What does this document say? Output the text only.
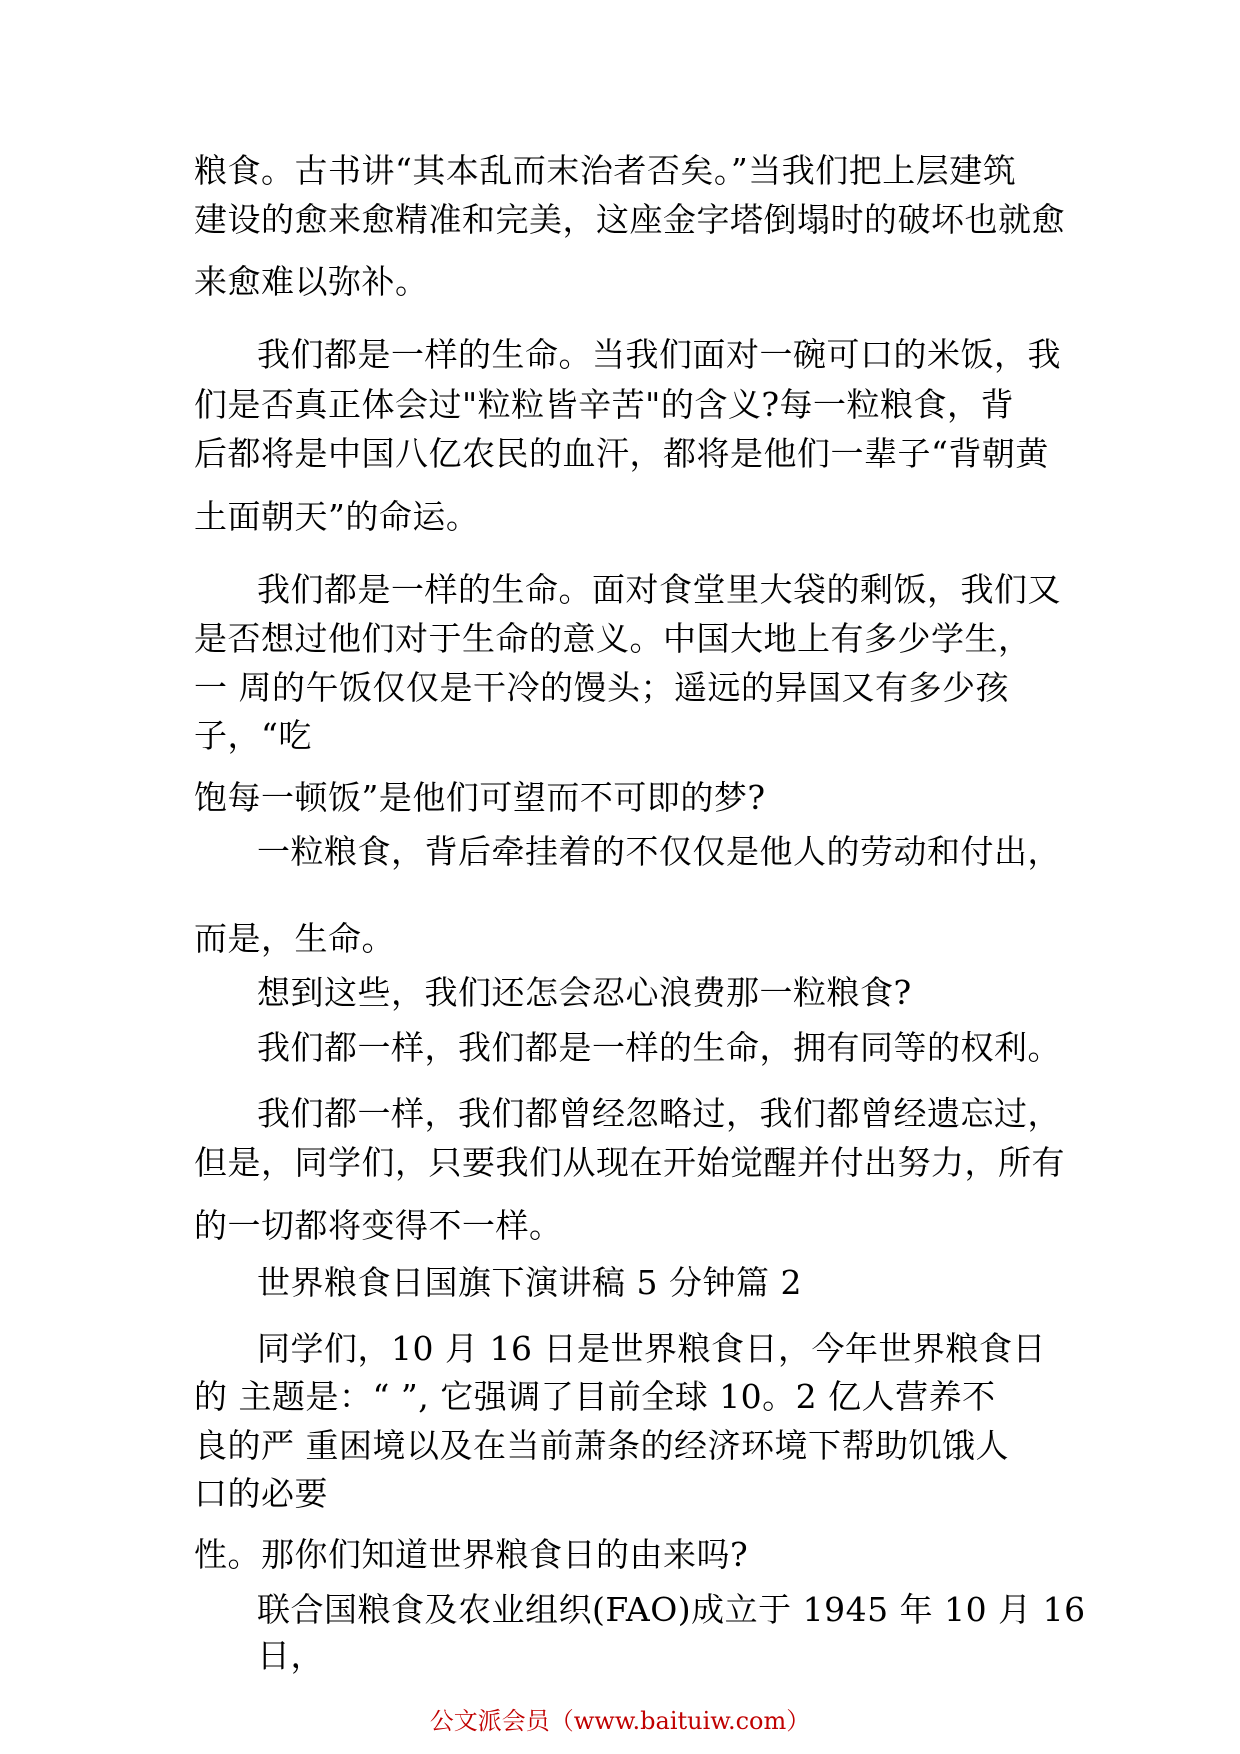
粮食。古书讲“其本乱而末治者否矣。”当我们把上层建筑
建设的愈来愈精准和完美，这座金字塔倒塌时的破坏也就愈
来愈难以弥补。
我们都是一样的生命。当我们面对一碗可口的米饭，我
们是否真正体会过"粒粒皆辛苦"的含义?每一粒粮食，背
后都将是中国八亿农民的血汗，都将是他们一辈子“背朝黄
土面朝天”的命运。
我们都是一样的生命。面对食堂里大袋的剩饭，我们又
是否想过他们对于生命的意义。中国大地上有多少学生，
一 周的午饭仅仅是干冷的馒头；遥远的异国又有多少孩
子，“吃
饱每一顿饭”是他们可望而不可即的梦?
一粒粮食，背后牵挂着的不仅仅是他人的劳动和付出，
而是，生命。
想到这些，我们还怎会忍心浪费那一粒粮食?
我们都一样，我们都是一样的生命，拥有同等的权利。
我们都一样，我们都曾经忽略过，我们都曾经遗忘过，
但是，同学们，只要我们从现在开始觉醒并付出努力，所有
的一切都将变得不一样。
世界粮食日国旗下演讲稿 5 分钟篇 2
同学们，10 月 16 日是世界粮食日，今年世界粮食日
的 主题是：“ ”, 它强调了目前全球 10。2 亿人营养不
良的严 重困境以及在当前萧条的经济环境下帮助饥饿人
口的必要
性。那你们知道世界粮食日的由来吗?
联合国粮食及农业组织(FAO)成立于 1945 年 10 月 16
日，
公文派会员（www.baituiw.com）
